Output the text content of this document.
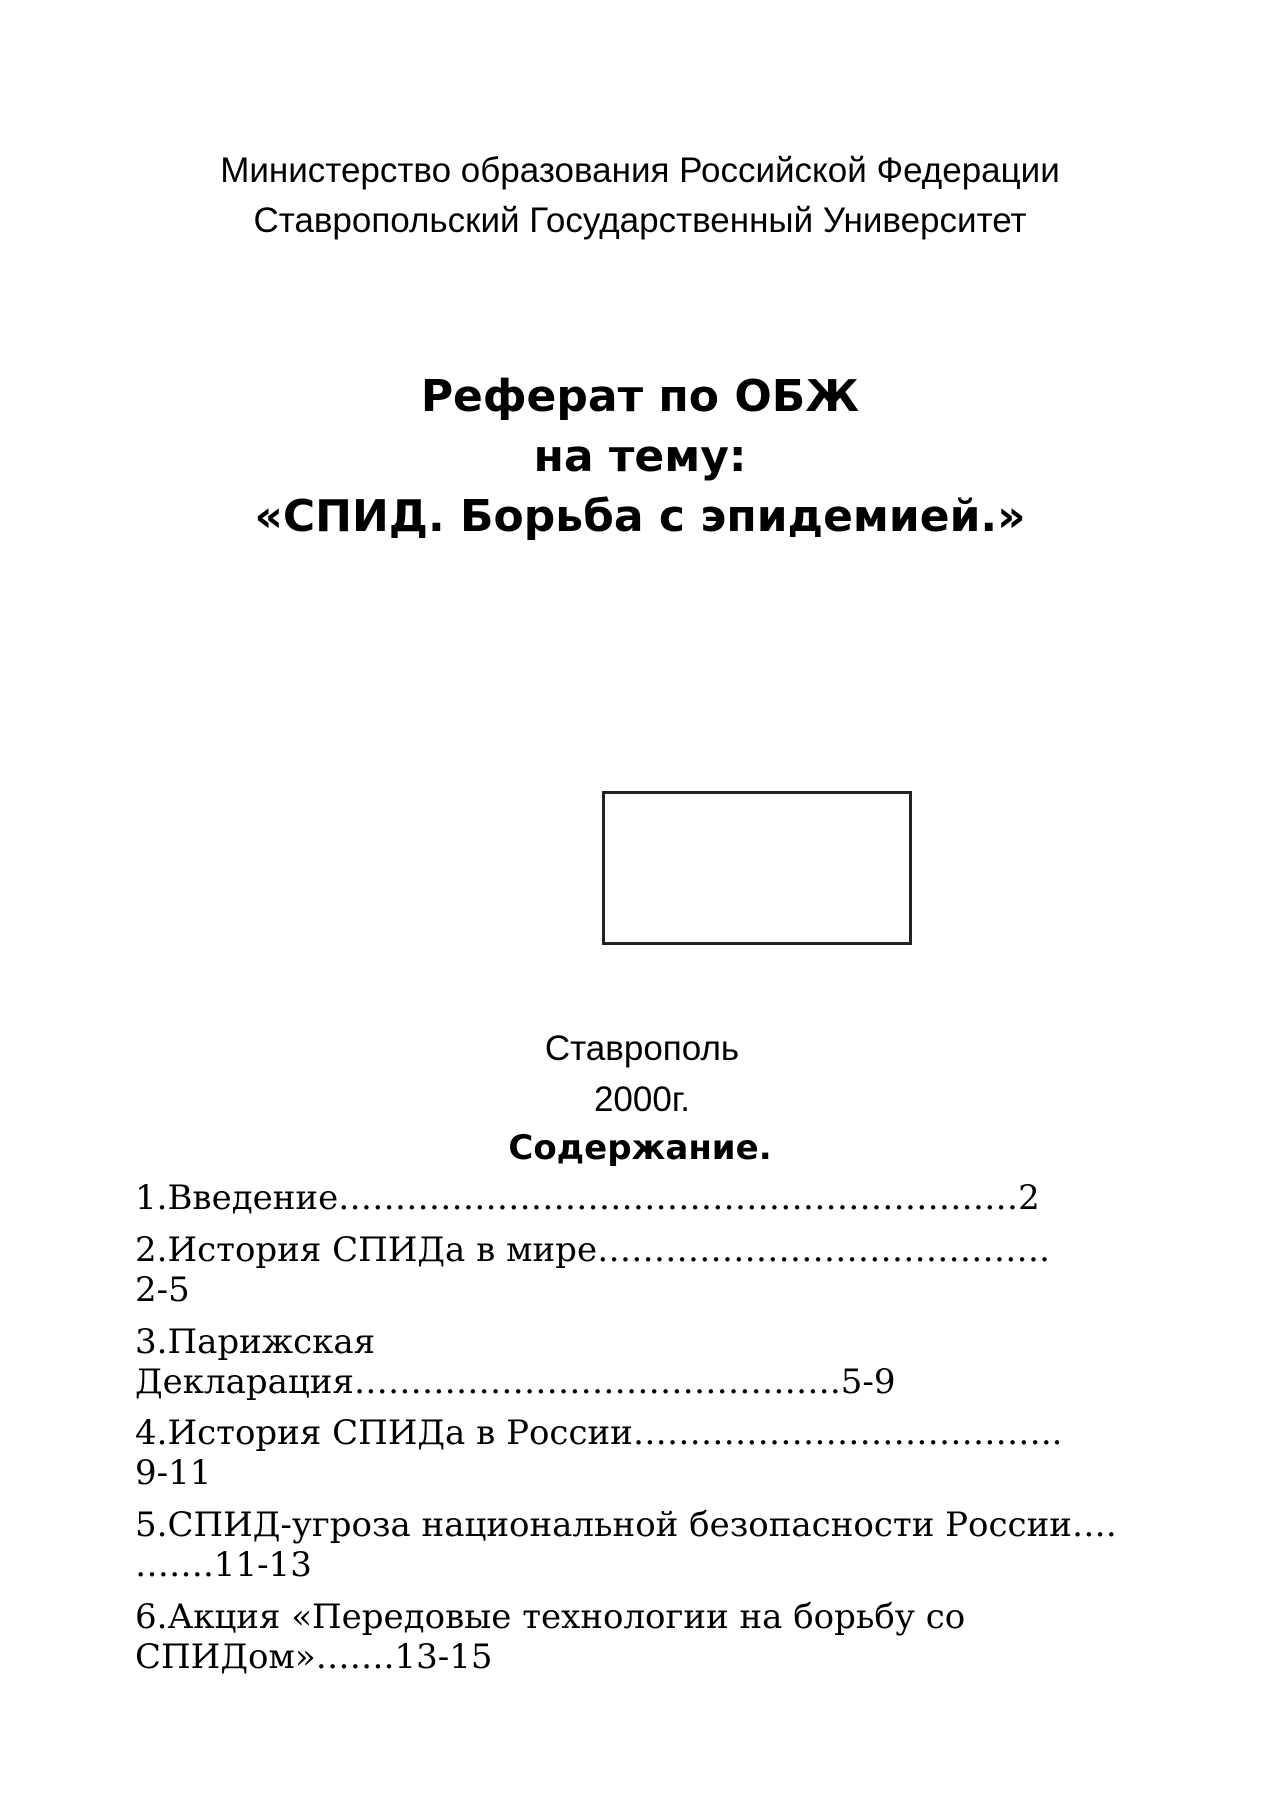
Министерство образования Российской Федерации
Ставропольский Государственный Университет
Реферат по ОБЖ
на тему:
«СПИД. Борьба с эпидемией.»
Ставрополь
2000г.
Содержание.
1.Введение……………………………………………………2
2.История СПИДа в мире………………………………….
2-5
3.Парижская
Декларация…………………………………….5-9
4.История СПИДа в России………………………………..
9-11
5.СПИД-угроза национальной безопасности России….
…….11-13
6.Акция «Передовые технологии на борьбу со
СПИДом»…….13-15
